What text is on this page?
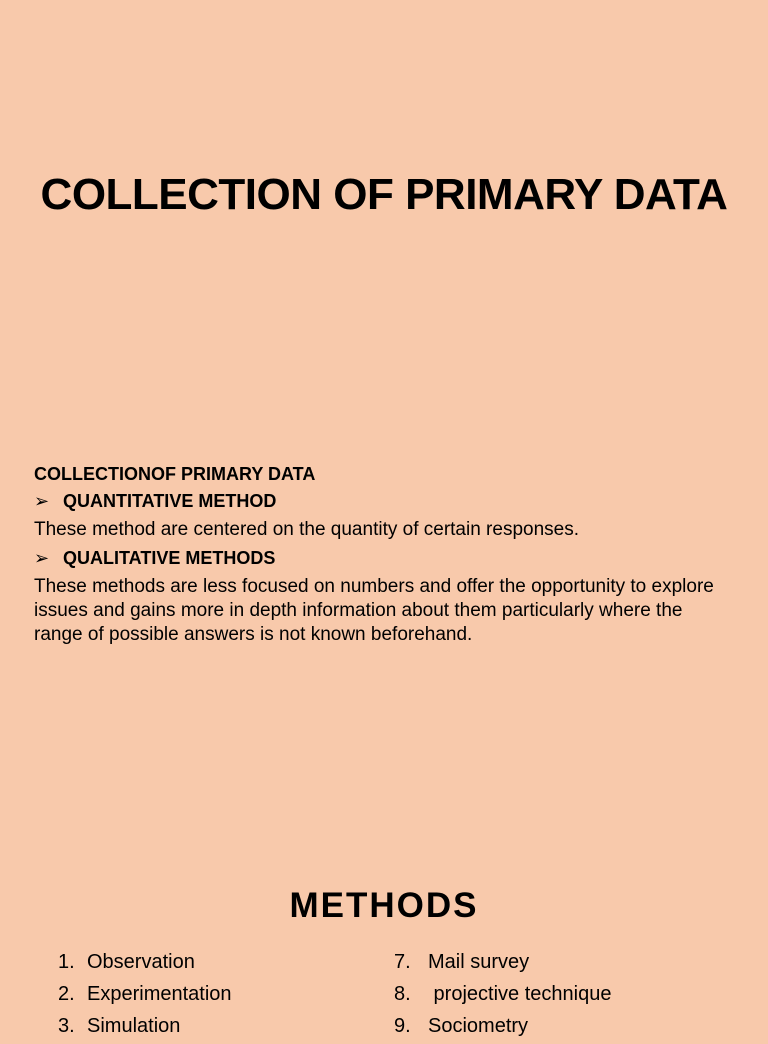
COLLECTION OF PRIMARY DATA

COLLECTIONOF PRIMARY DATA

➢ QUANTITATIVE METHOD

These method are centered on the quantity of certain responses.

➢ QUALITATIVE METHODS

These methods are less focused on numbers and offer the opportunity to explore issues and gains more in depth information about them particularly where the range of possible answers is not known beforehand.

METHODS
1. Observation
2. Experimentation
3. Simulation
7. Mail survey
8. projective technique
9. Sociometry
